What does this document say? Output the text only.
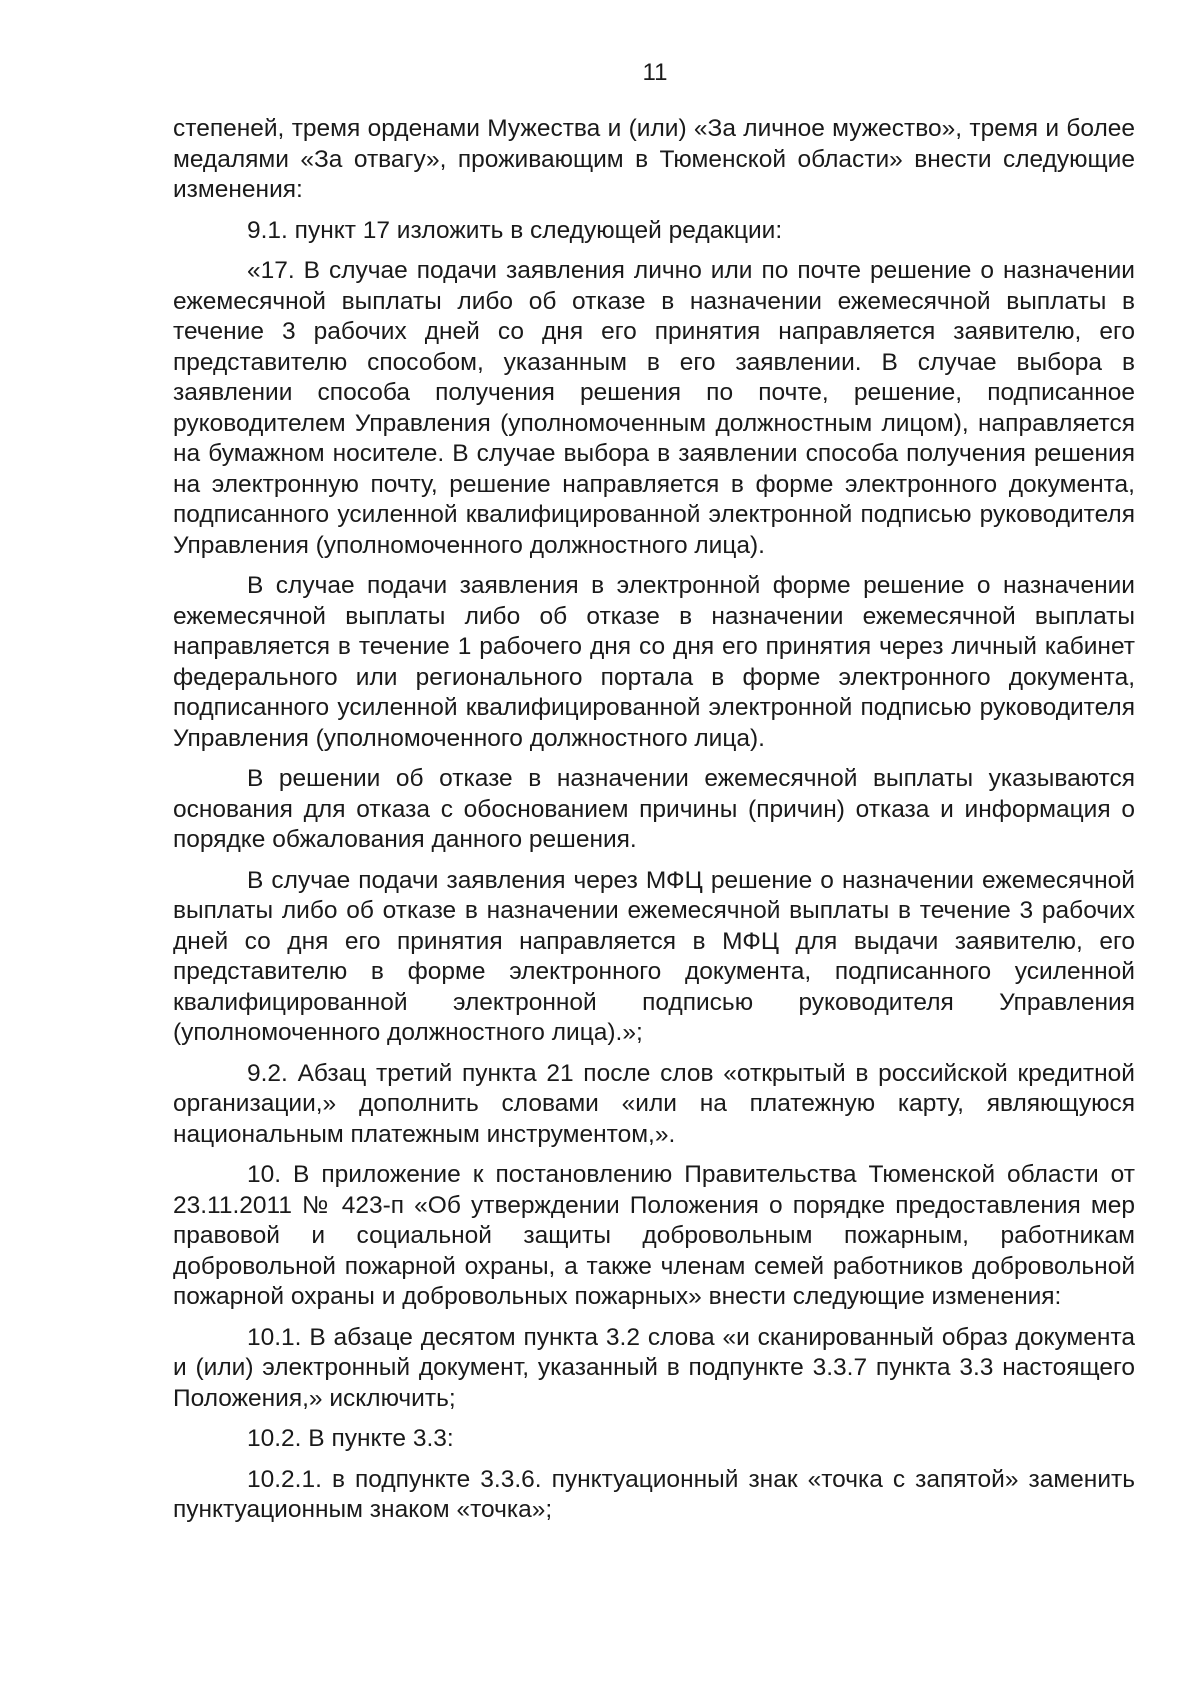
11

степеней, тремя орденами Мужества и (или) «За личное мужество», тремя и более медалями «За отвагу», проживающим в Тюменской области» внести следующие изменения:

9.1. пункт 17 изложить в следующей редакции:

«17. В случае подачи заявления лично или по почте решение о назначении ежемесячной выплаты либо об отказе в назначении ежемесячной выплаты в течение 3 рабочих дней со дня его принятия направляется заявителю, его представителю способом, указанным в его заявлении. В случае выбора в заявлении способа получения решения по почте, решение, подписанное руководителем Управления (уполномоченным должностным лицом), направляется на бумажном носителе. В случае выбора в заявлении способа получения решения на электронную почту, решение направляется в форме электронного документа, подписанного усиленной квалифицированной электронной подписью руководителя Управления (уполномоченного должностного лица).

В случае подачи заявления в электронной форме решение о назначении ежемесячной выплаты либо об отказе в назначении ежемесячной выплаты направляется в течение 1 рабочего дня со дня его принятия через личный кабинет федерального или регионального портала в форме электронного документа, подписанного усиленной квалифицированной электронной подписью руководителя Управления (уполномоченного должностного лица).

В решении об отказе в назначении ежемесячной выплаты указываются основания для отказа с обоснованием причины (причин) отказа и информация о порядке обжалования данного решения.

В случае подачи заявления через МФЦ решение о назначении ежемесячной выплаты либо об отказе в назначении ежемесячной выплаты в течение 3 рабочих дней со дня его принятия направляется в МФЦ для выдачи заявителю, его представителю в форме электронного документа, подписанного усиленной квалифицированной электронной подписью руководителя Управления (уполномоченного должностного лица).»;

9.2. Абзац третий пункта 21 после слов «открытый в российской кредитной организации,» дополнить словами «или на платежную карту, являющуюся национальным платежным инструментом,».

10. В приложение к постановлению Правительства Тюменской области от 23.11.2011 № 423-п «Об утверждении Положения о порядке предоставления мер правовой и социальной защиты добровольным пожарным, работникам добровольной пожарной охраны, а также членам семей работников добровольной пожарной охраны и добровольных пожарных» внести следующие изменения:

10.1. В абзаце десятом пункта 3.2 слова «и сканированный образ документа и (или) электронный документ, указанный в подпункте 3.3.7 пункта 3.3 настоящего Положения,» исключить;

10.2. В пункте 3.3:

10.2.1. в подпункте 3.3.6. пунктуационный знак «точка с запятой» заменить пунктуационным знаком «точка»;
